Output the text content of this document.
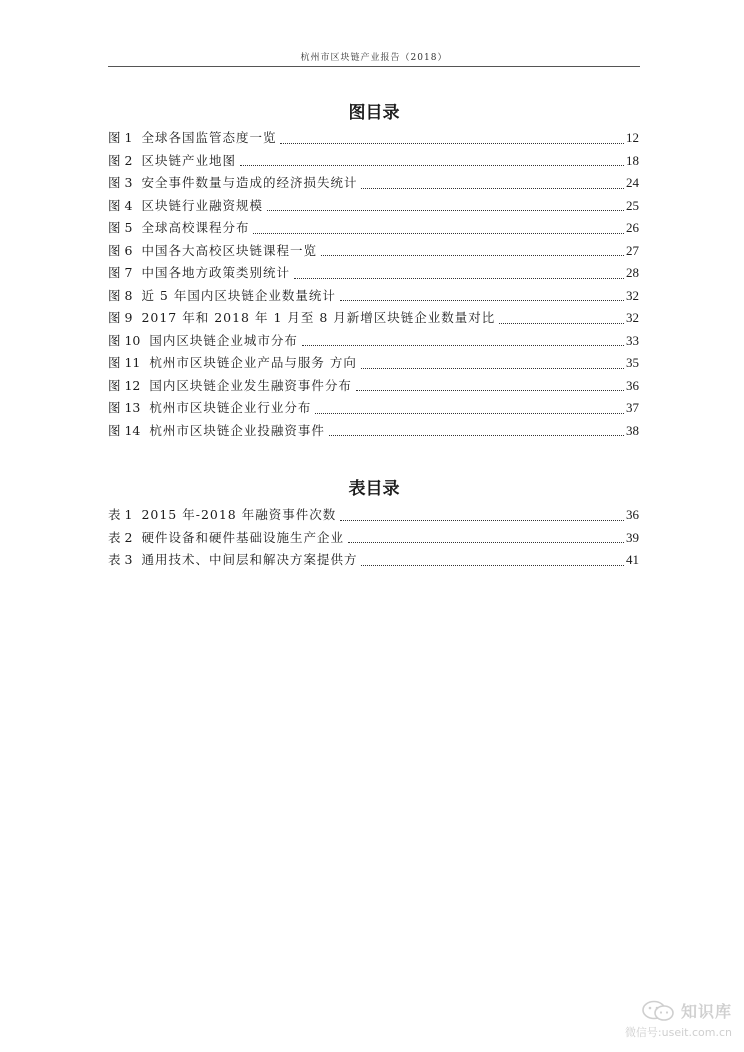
杭州市区块链产业报告（2018）
图目录
图 1 全球各国监管态度一览	12
图 2 区块链产业地图	18
图 3 安全事件数量与造成的经济损失统计	24
图 4 区块链行业融资规模	25
图 5 全球高校课程分布	26
图 6 中国各大高校区块链课程一览	27
图 7 中国各地方政策类别统计	28
图 8 近 5 年国内区块链企业数量统计	32
图 9 2017 年和 2018 年 1 月至 8 月新增区块链企业数量对比	32
图 10 国内区块链企业城市分布	33
图 11 杭州市区块链企业产品与服务 方向	35
图 12 国内区块链企业发生融资事件分布	36
图 13 杭州市区块链企业行业分布	37
图 14 杭州市区块链企业投融资事件	38
表目录
表 1 2015 年-2018 年融资事件次数	36
表 2 硬件设备和硬件基础设施生产企业	39
表 3 通用技术、中间层和解决方案提供方	41
知识库
微信号:useit.com.cn
